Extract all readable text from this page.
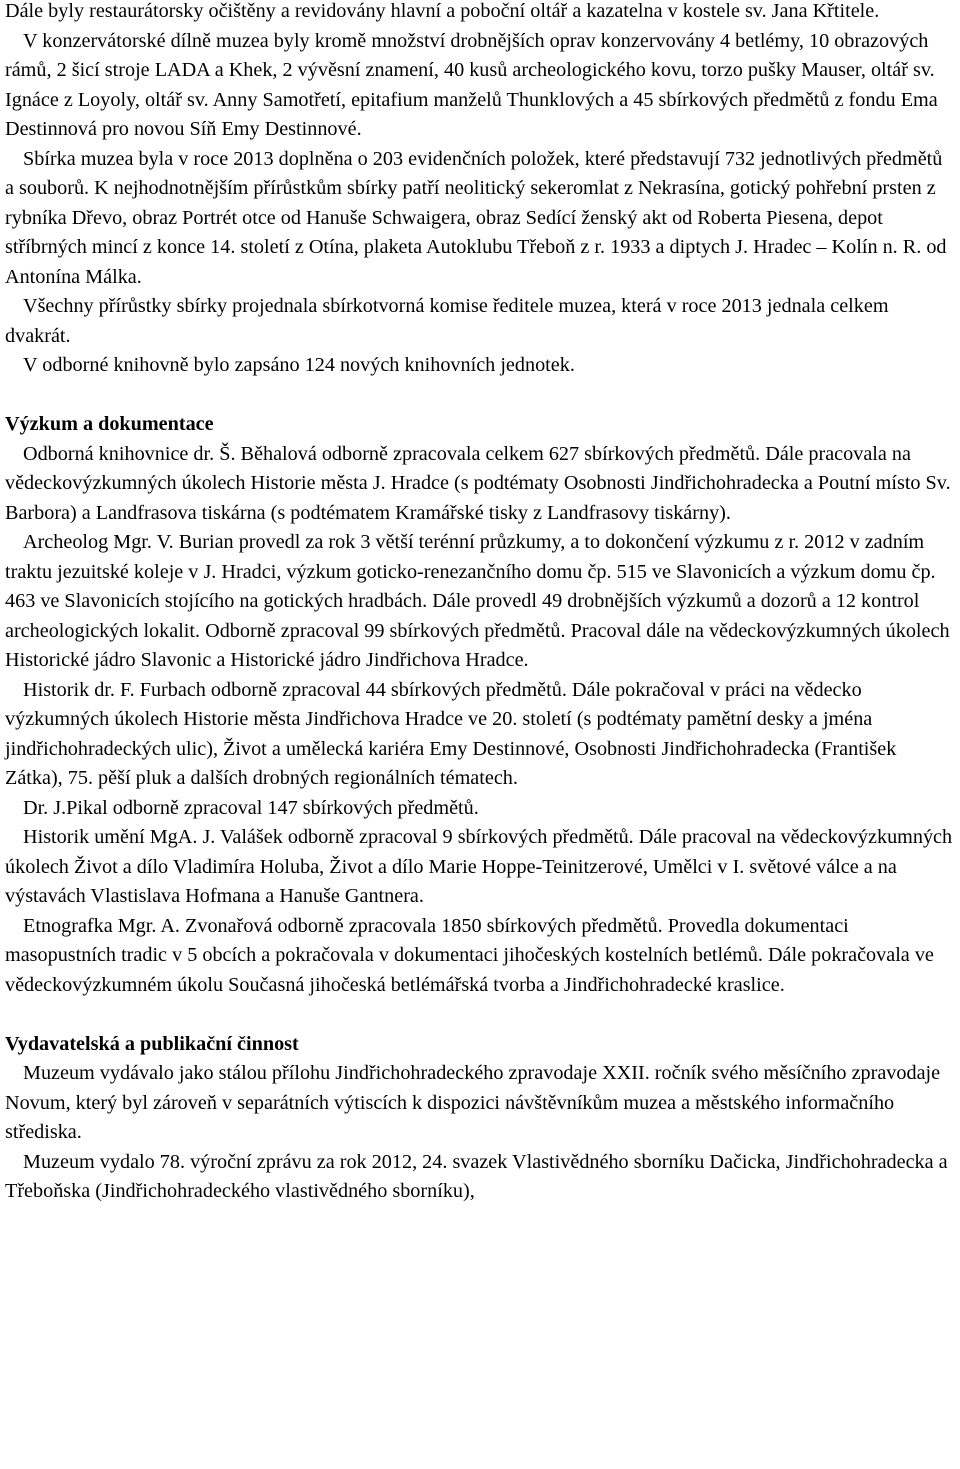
Dále byly restaurátorsky očištěny a revidovány hlavní a poboční oltář a kazatelna v kostele sv. Jana Křtitele.

V konzervátorské dílně muzea byly kromě množství drobnějších oprav konzervovány 4 betlémy, 10 obrazových rámů, 2 šicí stroje LADA a Khek, 2 vývěsní znamení, 40 kusů archeologického kovu, torzo pušky Mauser, oltář sv. Ignáce z Loyoly, oltář sv. Anny Samotřetí, epitafium manželů Thunklových a 45 sbírkových předmětů z fondu Ema Destinnová pro novou Síň Emy Destinnové.

Sbírka muzea byla v roce 2013 doplněna o 203 evidenčních položek, které představují 732 jednotlivých předmětů a souborů. K nejhodnotnějším přírůstkům sbírky patří neolitický sekeromlat z Nekrasína, gotický pohřební prsten z rybníka Dřevo, obraz Portrét otce od Hanuše Schwaigera, obraz Sedící ženský akt od Roberta Piesena, depot stříbrných mincí z konce 14. století z Otína, plaketa Autoklubu Třeboň z r. 1933 a diptych J. Hradec – Kolín n. R. od Antonína Málka.

Všechny přírůstky sbírky projednala sbírkotvorná komise ředitele muzea, která v roce 2013 jednala celkem dvakrát.

V odborné knihovně bylo zapsáno 124 nových knihovních jednotek.

Výzkum a dokumentace

Odborná knihovnice dr. Š. Běhalová odborně zpracovala celkem 627 sbírkových předmětů. Dále pracovala na vědeckovýzkumných úkolech Historie města J. Hradce (s podtématy Osobnosti Jindřichohradecka a Poutní místo Sv. Barbora) a Landfrasova tiskárna (s podtématem Kramářské tisky z Landfrasovy tiskárny).

Archeolog Mgr. V. Burian provedl za rok 3 větší terénní průzkumy, a to dokončení výzkumu z r. 2012 v zadním traktu jezuitské koleje v J. Hradci, výzkum goticko-renezančního domu čp. 515 ve Slavonicích a výzkum domu čp. 463 ve Slavonicích stojícího na gotických hradbách. Dále provedl 49 drobnějších výzkumů a dozorů a 12 kontrol archeologických lokalit. Odborně zpracoval 99 sbírkových předmětů. Pracoval dále na vědeckovýzkumných úkolech Historické jádro Slavonic a Historické jádro Jindřichova Hradce.

Historik dr. F. Furbach odborně zpracoval 44 sbírkových předmětů. Dále pokračoval v práci na vědecko výzkumných úkolech Historie města Jindřichova Hradce ve 20. století (s podtématy pamětní desky a jména jindřichohradeckých ulic), Život a umělecká kariéra Emy Destinnové, Osobnosti Jindřichohradecka (František Zátka), 75. pěší pluk a dalších drobných regionálních tématech.

Dr. J.Pikal odborně zpracoval 147 sbírkových předmětů.

Historik umění MgA. J. Valášek odborně zpracoval 9 sbírkových předmětů. Dále pracoval na vědeckovýzkumných úkolech Život a dílo Vladimíra Holuba, Život a dílo Marie Hoppe-Teinitzerové, Umělci v I. světové válce a na výstavách Vlastislava Hofmana a Hanuše Gantnera.

Etnografka Mgr. A. Zvonařová odborně zpracovala 1850 sbírkových předmětů. Provedla dokumentaci masopustních tradic v 5 obcích a pokračovala v dokumentaci jihočeských kostelních betlémů. Dále pokračovala ve vědeckovýzkumném úkolu Současná jihočeská betlémářská tvorba a Jindřichohradecké kraslice.

Vydavatelská a publikační činnost

Muzeum vydávalo jako stálou přílohu Jindřichohradeckého zpravodaje XXII. ročník svého měsíčního zpravodaje Novum, který byl zároveň v separátních výtiscích k dispozici návštěvníkům muzea a městského informačního střediska.

Muzeum vydalo 78. výroční zprávu za rok 2012, 24. svazek Vlastivědného sborníku Dačicka, Jindřichohradecka a Třeboňska (Jindřichohradeckého vlastivědného sborníku),
